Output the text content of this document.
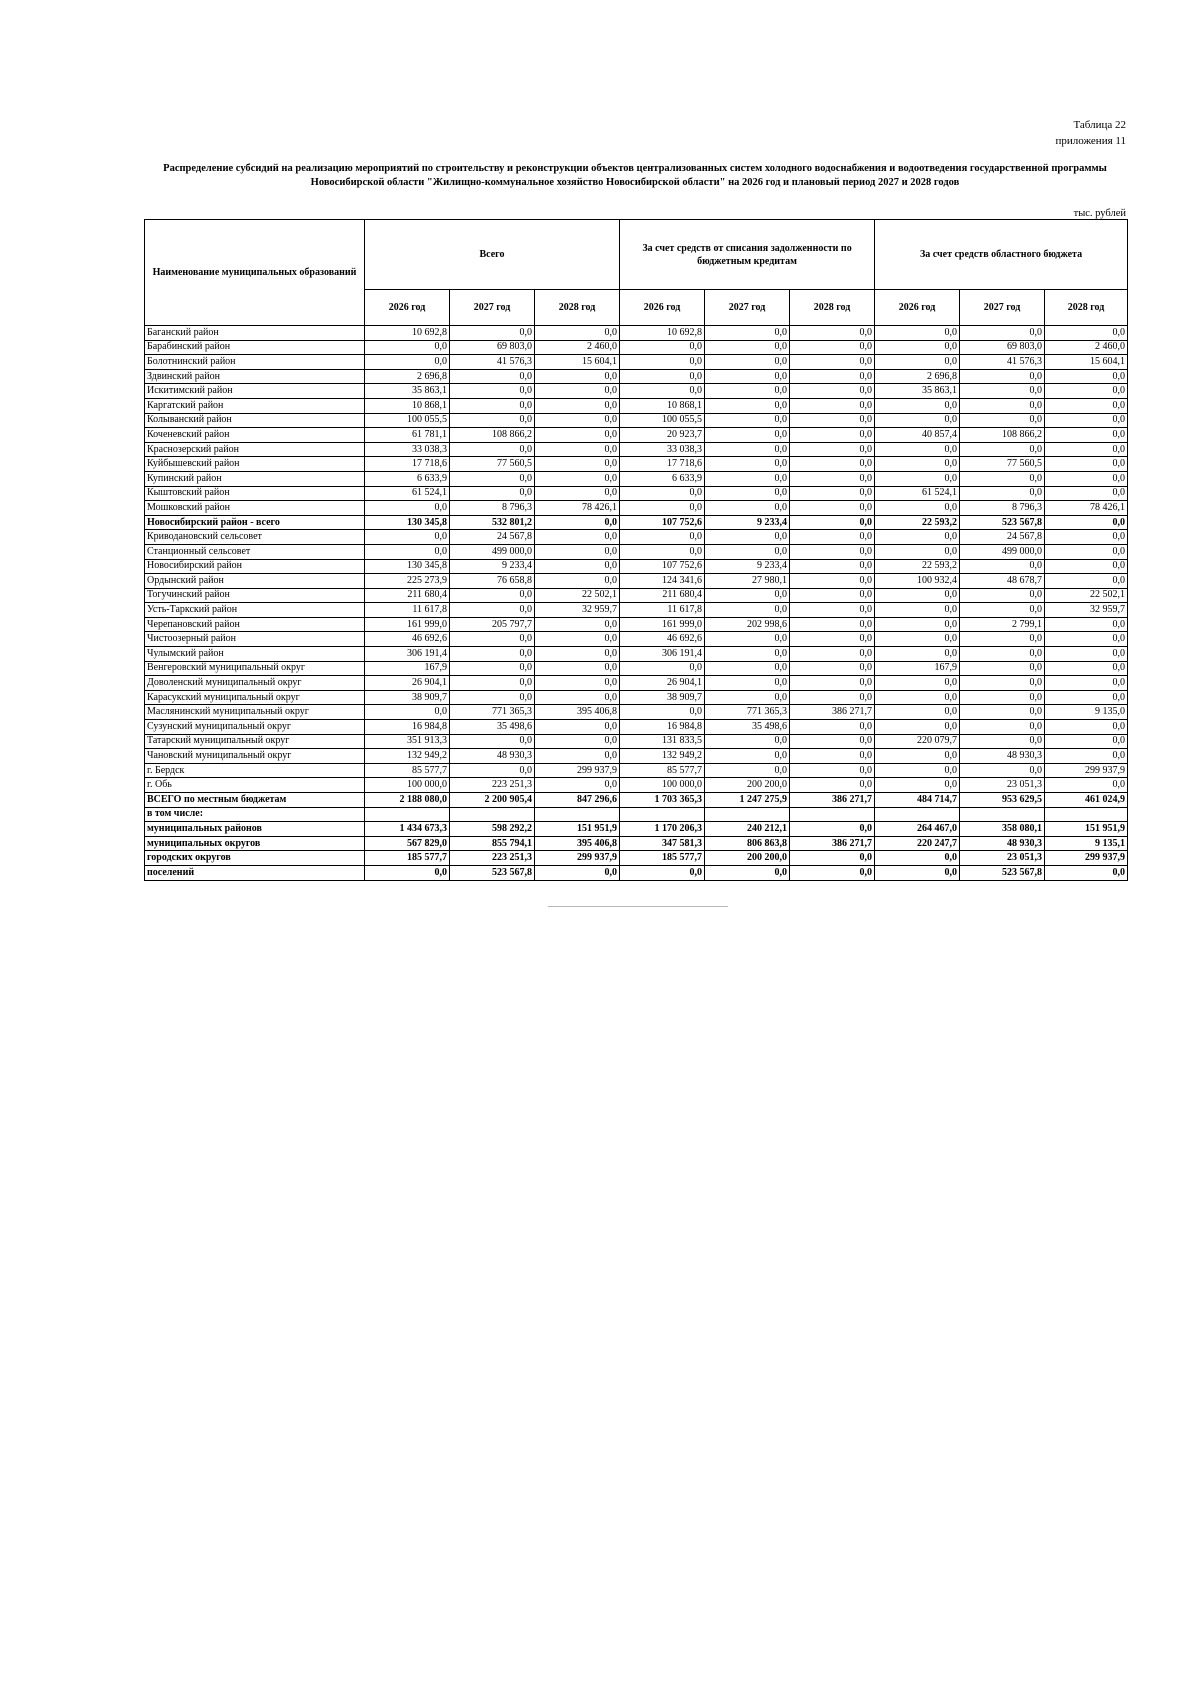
Таблица 22
приложения 11
Распределение субсидий на реализацию мероприятий по строительству и реконструкции объектов централизованных систем холодного водоснабжения и водоотведения государственной программы Новосибирской области "Жилищно-коммунальное хозяйство Новосибирской области" на 2026 год и плановый период 2027 и 2028 годов
тыс. рублей
Наименование муниципальных образований	Всего			За счет средств от списания задолженности по бюджетным кредитам			За счет средств областного бюджета		
	2026 год	2027 год	2028 год	2026 год	2027 год	2028 год	2026 год	2027 год	2028 год
Баганский район	10 692,8	0,0	0,0	10 692,8	0,0	0,0	0,0	0,0	0,0
Барабинский район	0,0	69 803,0	2 460,0	0,0	0,0	0,0	0,0	69 803,0	2 460,0
Болотнинский район	0,0	41 576,3	15 604,1	0,0	0,0	0,0	0,0	41 576,3	15 604,1
Здвинский район	2 696,8	0,0	0,0	0,0	0,0	0,0	2 696,8	0,0	0,0
Искитимский район	35 863,1	0,0	0,0	0,0	0,0	0,0	35 863,1	0,0	0,0
Каргатский район	10 868,1	0,0	0,0	10 868,1	0,0	0,0	0,0	0,0	0,0
Колыванский район	100 055,5	0,0	0,0	100 055,5	0,0	0,0	0,0	0,0	0,0
Коченевский район	61 781,1	108 866,2	0,0	20 923,7	0,0	0,0	40 857,4	108 866,2	0,0
Краснозерский район	33 038,3	0,0	0,0	33 038,3	0,0	0,0	0,0	0,0	0,0
Куйбышевский район	17 718,6	77 560,5	0,0	17 718,6	0,0	0,0	0,0	77 560,5	0,0
Купинский район	6 633,9	0,0	0,0	6 633,9	0,0	0,0	0,0	0,0	0,0
Кыштовский район	61 524,1	0,0	0,0	0,0	0,0	0,0	61 524,1	0,0	0,0
Мошковский район	0,0	8 796,3	78 426,1	0,0	0,0	0,0	0,0	8 796,3	78 426,1
Новосибирский район - всего	130 345,8	532 801,2	0,0	107 752,6	9 233,4	0,0	22 593,2	523 567,8	0,0
Криводановский сельсовет	0,0	24 567,8	0,0	0,0	0,0	0,0	0,0	24 567,8	0,0
Станционный сельсовет	0,0	499 000,0	0,0	0,0	0,0	0,0	0,0	499 000,0	0,0
Новосибирский район	130 345,8	9 233,4	0,0	107 752,6	9 233,4	0,0	22 593,2	0,0	0,0
Ордынский район	225 273,9	76 658,8	0,0	124 341,6	27 980,1	0,0	100 932,4	48 678,7	0,0
Тогучинский район	211 680,4	0,0	22 502,1	211 680,4	0,0	0,0	0,0	0,0	22 502,1
Усть-Таркский район	11 617,8	0,0	32 959,7	11 617,8	0,0	0,0	0,0	0,0	32 959,7
Черепановский район	161 999,0	205 797,7	0,0	161 999,0	202 998,6	0,0	0,0	2 799,1	0,0
Чистоозерный район	46 692,6	0,0	0,0	46 692,6	0,0	0,0	0,0	0,0	0,0
Чулымский район	306 191,4	0,0	0,0	306 191,4	0,0	0,0	0,0	0,0	0,0
Венгеровский муниципальный округ	167,9	0,0	0,0	0,0	0,0	0,0	167,9	0,0	0,0
Доволенский муниципальный округ	26 904,1	0,0	0,0	26 904,1	0,0	0,0	0,0	0,0	0,0
Карасукский муниципальный округ	38 909,7	0,0	0,0	38 909,7	0,0	0,0	0,0	0,0	0,0
Маслянинский муниципальный округ	0,0	771 365,3	395 406,8	0,0	771 365,3	386 271,7	0,0	0,0	9 135,0
Сузунский муниципальный округ	16 984,8	35 498,6	0,0	16 984,8	35 498,6	0,0	0,0	0,0	0,0
Татарский муниципальный округ	351 913,3	0,0	0,0	131 833,5	0,0	0,0	220 079,7	0,0	0,0
Чановский муниципальный округ	132 949,2	48 930,3	0,0	132 949,2	0,0	0,0	0,0	48 930,3	0,0
г. Бердск	85 577,7	0,0	299 937,9	85 577,7	0,0	0,0	0,0	0,0	299 937,9
г. Обь	100 000,0	223 251,3	0,0	100 000,0	200 200,0	0,0	0,0	23 051,3	0,0
ВСЕГО по местным бюджетам	2 188 080,0	2 200 905,4	847 296,6	1 703 365,3	1 247 275,9	386 271,7	484 714,7	953 629,5	461 024,9
в том числе:									
муниципальных районов	1 434 673,3	598 292,2	151 951,9	1 170 206,3	240 212,1	0,0	264 467,0	358 080,1	151 951,9
муниципальных округов	567 829,0	855 794,1	395 406,8	347 581,3	806 863,8	386 271,7	220 247,7	48 930,3	9 135,1
городских округов	185 577,7	223 251,3	299 937,9	185 577,7	200 200,0	0,0	0,0	23 051,3	299 937,9
поселений	0,0	523 567,8	0,0	0,0	0,0	0,0	0,0	523 567,8	0,0
